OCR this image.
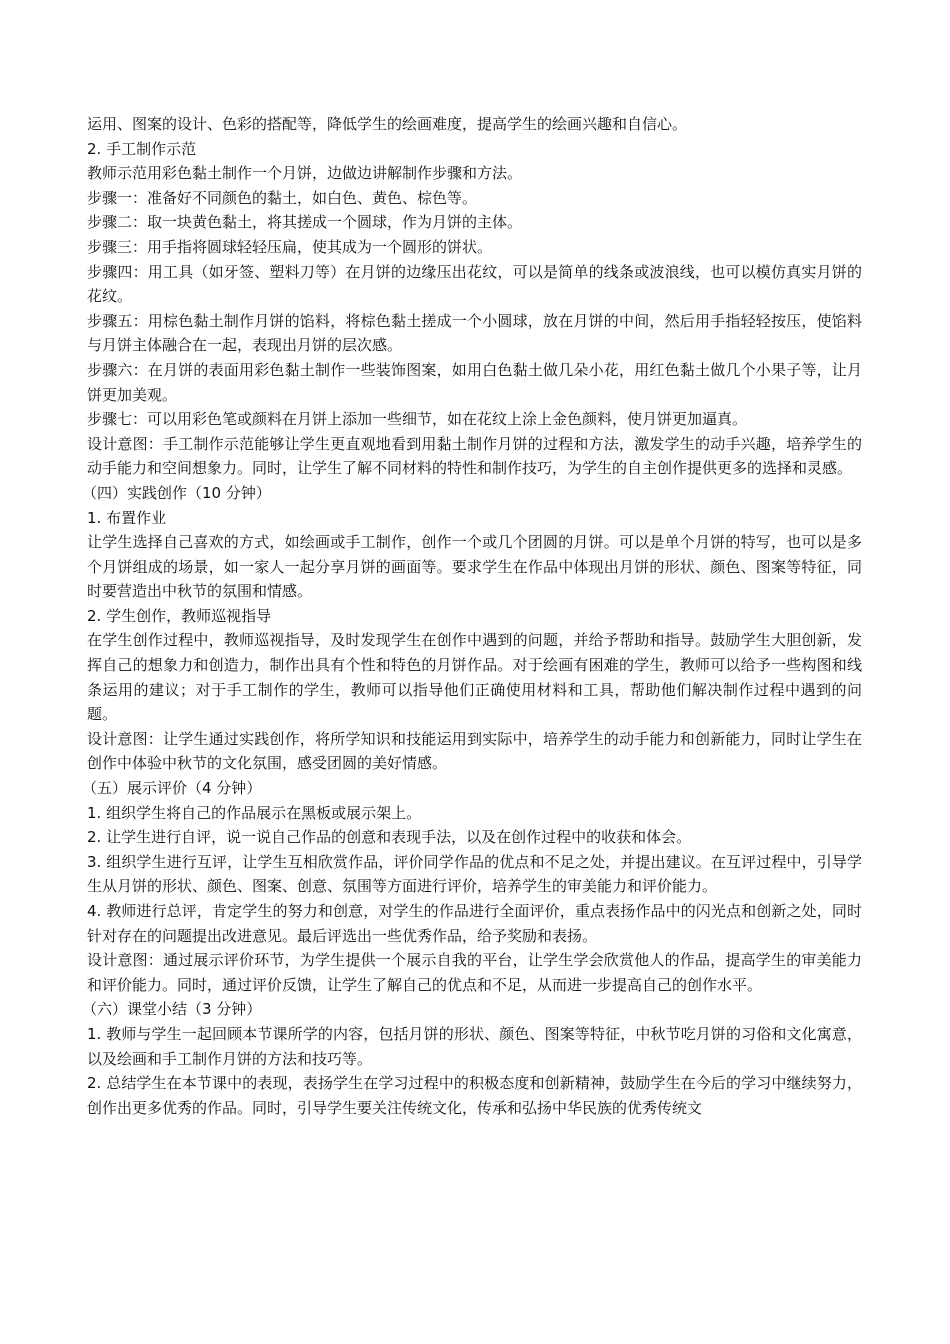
运用、图案的设计、色彩的搭配等，降低学生的绘画难度，提高学生的绘画兴趣和自信心。

2. 手工制作示范

教师示范用彩色黏土制作一个月饼，边做边讲解制作步骤和方法。

步骤一：准备好不同颜色的黏土，如白色、黄色、棕色等。

步骤二：取一块黄色黏土，将其搓成一个圆球，作为月饼的主体。

步骤三：用手指将圆球轻轻压扁，使其成为一个圆形的饼状。

步骤四：用工具（如牙签、塑料刀等）在月饼的边缘压出花纹，可以是简单的线条或波浪线，也可以模仿真实月饼的花纹。

步骤五：用棕色黏土制作月饼的馅料，将棕色黏土搓成一个小圆球，放在月饼的中间，然后用手指轻轻按压，使馅料与月饼主体融合在一起，表现出月饼的层次感。

步骤六：在月饼的表面用彩色黏土制作一些装饰图案，如用白色黏土做几朵小花，用红色黏土做几个小果子等，让月饼更加美观。

步骤七：可以用彩色笔或颜料在月饼上添加一些细节，如在花纹上涂上金色颜料，使月饼更加逼真。

设计意图：手工制作示范能够让学生更直观地看到用黏土制作月饼的过程和方法，激发学生的动手兴趣，培养学生的动手能力和空间想象力。同时，让学生了解不同材料的特性和制作技巧，为学生的自主创作提供更多的选择和灵感。

（四）实践创作（10 分钟）

1. 布置作业

让学生选择自己喜欢的方式，如绘画或手工制作，创作一个或几个团圆的月饼。可以是单个月饼的特写，也可以是多个月饼组成的场景，如一家人一起分享月饼的画面等。要求学生在作品中体现出月饼的形状、颜色、图案等特征，同时要营造出中秋节的氛围和情感。

2. 学生创作，教师巡视指导

在学生创作过程中，教师巡视指导，及时发现学生在创作中遇到的问题，并给予帮助和指导。鼓励学生大胆创新，发挥自己的想象力和创造力，制作出具有个性和特色的月饼作品。对于绘画有困难的学生，教师可以给予一些构图和线条运用的建议；对于手工制作的学生，教师可以指导他们正确使用材料和工具，帮助他们解决制作过程中遇到的问题。

设计意图：让学生通过实践创作，将所学知识和技能运用到实际中，培养学生的动手能力和创新能力，同时让学生在创作中体验中秋节的文化氛围，感受团圆的美好情感。

（五）展示评价（4 分钟）

1. 组织学生将自己的作品展示在黑板或展示架上。

2. 让学生进行自评，说一说自己作品的创意和表现手法，以及在创作过程中的收获和体会。

3. 组织学生进行互评，让学生互相欣赏作品，评价同学作品的优点和不足之处，并提出建议。在互评过程中，引导学生从月饼的形状、颜色、图案、创意、氛围等方面进行评价，培养学生的审美能力和评价能力。

4. 教师进行总评，肯定学生的努力和创意，对学生的作品进行全面评价，重点表扬作品中的闪光点和创新之处，同时针对存在的问题提出改进意见。最后评选出一些优秀作品，给予奖励和表扬。

设计意图：通过展示评价环节，为学生提供一个展示自我的平台，让学生学会欣赏他人的作品，提高学生的审美能力和评价能力。同时，通过评价反馈，让学生了解自己的优点和不足，从而进一步提高自己的创作水平。

（六）课堂小结（3 分钟）

1. 教师与学生一起回顾本节课所学的内容，包括月饼的形状、颜色、图案等特征，中秋节吃月饼的习俗和文化寓意，以及绘画和手工制作月饼的方法和技巧等。

2. 总结学生在本节课中的表现，表扬学生在学习过程中的积极态度和创新精神，鼓励学生在今后的学习中继续努力，创作出更多优秀的作品。同时，引导学生要关注传统文化，传承和弘扬中华民族的优秀传统文
